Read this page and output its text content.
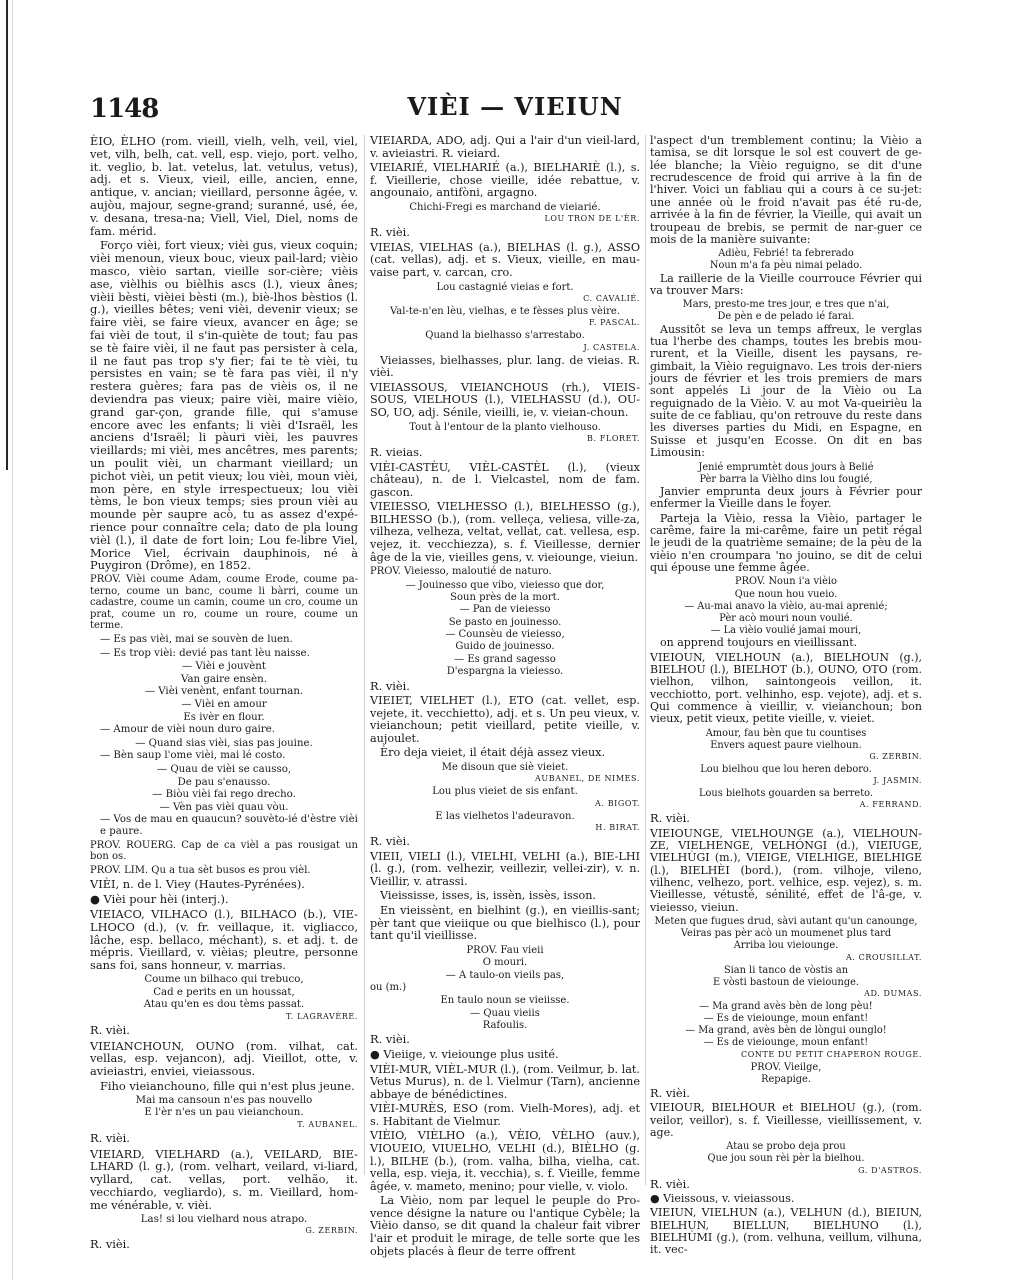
1148	VIÈI — VIEIUN

ÈIO, ÈLHO (rom. vieill, vielh, velh, veil, viel, vet, vilh, belh, cat. vell, esp. viejo, port. velho, it. veglio, b. lat. vetelus, lat. vetulus, vetus), adj. et s. Vieux, vieil, eille, ancien, enne, antique, v. ancian; vieillard, personne âgée, v. aujòu, majour, segne-grand; suranné, usé, ée, v. desana, tresa-na; Viell, Viel, Diel, noms de fam. mérid.

Forço vièi, fort vieux; vièi gus, vieux coquin; vièi menoun, vieux bouc, vieux pail-lard; vièio masco, vièio sartan, vieille sor-cière; vièis ase, vièlhis ou bièlhis ascs (l.), vieux ânes; vièii bèsti, vièiei bèsti (m.), biè-lhos bèstios (l. g.), vieilles bêtes; veni vièi, devenir vieux; se faire vièi, se faire vieux, avancer en âge; se fai vièi de tout, il s'in-quiète de tout; fau pas se tè faire vièi, il ne faut pas persister à cela, il ne faut pas trop s'y fier; fai te tè vièi, tu persistes en vain; se tè fara pas vièi, il n'y restera guères; fara pas de vièis os, il ne deviendra pas vieux; paire vièi, maire vièio, grand gar-çon, grande fille, qui s'amuse encore avec les enfants; li vièi d'Israël, les anciens d'Israël; li pàuri vièi, les pauvres vieillards; mi vièi, mes ancêtres, mes parents; un poulit vièi, un charmant vieillard; un pichot vièi, un petit vieux; lou vièi, moun vièi, mon père, en style irrespectueux; lou vièi tèms, le bon vieux temps; sies proun vièi au mounde pèr saupre acò, tu as assez d'expé-rience pour connaître cela; dato de pla loung vièl (l.), il date de fort loin; Lou fe-libre Viel, Morice Viel, écrivain dauphinois, né à Puygiron (Drôme), en 1852.

PROV. Vièi coume Adam, coume Erode, coume pa-terno, coume un banc, coume li bàrri, coume un cadastre, coume un camin, coume un cro, coume un prat, coume un ro, coume un roure, coume un terme.

— Es pas vièi, mai se souvèn de luen.

— Es trop vièi: devié pas tant lèu naisse.

— Vièi e jouvènt

Van gaire ensèn.

— Vièi venènt, enfant tournan.

— Vièi en amour

Es ivèr en flour.

— Amour de vièi noun duro gaire.

— Quand sias vièi, sias pas jouine.

— Bèn saup l'ome vièi, mai lé costo.

— Quau de vièi se causso,

De pau s'enausso.

— Biòu vièi fai rego drecho.

— Vèn pas vièi quau vòu.

— Vos de mau en quaucun? souvèto-ié d'èstre vièi e paure.

PROV. ROUERG. Cap de ca vièl a pas rousigat un bon os.

PROV. LIM. Qu a tua sèt busos es prou vièl.

VIÈI, n. de l. Viey (Hautes-Pyrénées).

● Vièi pour hèi (interj.).

VIEIACO, VILHACO (l.), BILHACO (b.), VIE-LHOCO (d.), (v. fr. veillaque, it. vigliacco, lâche, esp. bellaco, méchant), s. et adj. t. de mépris. Vieillard, v. vièias; pleutre, personne sans foi, sans honneur, v. marrias.

Coume un bilhaco qui trebuco,

Cad e perits en un houssat,

Atau qu'en es dou tèms passat.

T. LAGRAVÈRE.

R. vièi.

VIEIANCHOUN, OUNO (rom. vilhat, cat. vellas, esp. vejancon), adj. Vieillot, otte, v. avieiastri, enviei, vieiassous.

Fiho vieianchouno, fille qui n'est plus jeune.

Mai ma cansoun n'es pas nouvello

E l'èr n'es un pau vieianchoun.

T. AUBANEL.

R. vièi.

VIEIARD, VIELHARD (a.), VEILARD, BIE-LHARD (l. g.), (rom. velhart, veilard, vi-liard, vyllard, cat. vellas, port. velhão, it. vecchiardo, vegliardo), s. m. Vieillard, hom-me vénérable, v. vièi.

Las! si lou vielhard nous atrapo.

G. ZERBIN.

R. vièi.

VIEIARDA, ADO, adj. Qui a l'air d'un vieil-lard, v. avieiastri. R. vieiard.

VIEIARIÉ, VIELHARIÉ (a.), BIELHARIÈ (l.), s. f. Vieillerie, chose vieille, idée rebattue, v. angounaio, antifòni, argagno.

Chichi-Fregi es marchand de vieiarié.

LOU TRON DE L'ÈR.

R. vièi.

VIEIAS, VIELHAS (a.), BIELHAS (l. g.), ASSO (cat. vellas), adj. et s. Vieux, vieille, en mau-vaise part, v. carcan, cro.

Lou castagnié vieias e fort.

C. CAVALIÉ.

Val-te-n'en lèu, vielhas, e te fèsses plus vèire.

F. PASCAL.

Quand la bielhasso s'arrestabo.

J. CASTELA.

Vieiasses, bielhasses, plur. lang. de vieias. R. vièi.

VIEIASSOUS, VIEIANCHOUS (rh.), VIEIS-SOUS, VIELHOUS (l.), VIELHASSU (d.), OU-SO, UO, adj. Sénile, vieilli, ie, v. vieian-choun.

Tout à l'entour de la planto vielhouso.

B. FLORET.

R. vieias.

VIÈI-CASTÈU, VIÈL-CASTÈL (l.), (vieux château), n. de l. Vielcastel, nom de fam. gascon.

VIEIESSO, VIELHESSO (l.), BIELHESSO (g.), BILHESSO (b.), (rom. velleça, veliesa, ville-za, vilheza, velheza, veltat, vellat, cat. vellesa, esp. vejez, it. vecchiezza), s. f. Vieillesse, dernier âge de la vie, vieilles gens, v. vieiounge, vieiun.

PROV. Vieiesso, maloutié de naturo.

— Jouinesso que vibo, vieiesso que dor,

Soun près de la mort.

— Pan de vieiesso

Se pasto en jouinesso.

— Counsèu de vieiesso,

Guido de jouinesso.

— Es grand sagesso

D'espargna la vieiesso.

R. vièi.

VIEIET, VIELHET (l.), ETO (cat. vellet, esp. vejete, it. vecchietto), adj. et s. Un peu vieux, v. vieianchoun; petit vieillard, petite vieille, v. aujoulet.

Èro deja vieiet, il était déjà assez vieux.

Me disoun que siè vieiet.

AUBANEL, DE NIMES.

Lou plus vieiet de sis enfant.

A. BIGOT.

E las vielhetos l'adeuravon.

H. BIRAT.

R. vièi.

VIEII, VIELI (l.), VIELHI, VELHI (a.), BIE-LHI (l. g.), (rom. velhezir, veillezir, vellei-zir), v. n. Vieillir, v. atrassi.

Vieississe, isses, is, issèn, issès, isson.

En vieissènt, en bielhint (g.), en vieillis-sant; pèr tant que vieiique ou que bielhisco (l.), pour tant qu'il vieillisse.

PROV. Fau vieii

O mouri.

— A taulo-on vieils pas,

ou (m.)

En taulo noun se vieiisse.

— Quau vieiis

Rafoulis.

R. vièi.

● Vieiige, v. vieiounge plus usité.

VIÈI-MUR, VIÈL-MUR (l.), (rom. Veilmur, b. lat. Vetus Murus), n. de l. Vielmur (Tarn), ancienne abbaye de bénédictines.

VIÈI-MURÈS, ESO (rom. Vielh-Mores), adj. et s. Habitant de Vielmur.

VIÈIO, VIÈLHO (a.), VÈIO, VÈLHO (auv.), VIOUEIO, VIUELHO, VELHI (d.), BIÈLHO (g. l.), BILHE (b.), (rom. valha, bilha, vielha, cat. vella, esp. vieja, it. vecchia), s. f. Vieille, femme âgée, v. mameto, menino; pour vielle, v. violo.

La Vièio, nom par lequel le peuple do Pro-vence désigne la nature ou l'antique Cybèle; la Vièio danso, se dit quand la chaleur fait vibrer l'air et produit le mirage, de telle sorte que les objets placés à fleur de terre offrent

l'aspect d'un tremblement continu; la Vièio a tamisa, se dit lorsque le sol est couvert de ge-lée blanche; la Vièio reguigno, se dit d'une recrudescence de froid qui arrive à la fin de l'hiver. Voici un fabliau qui a cours à ce su-jet: une année où le froid n'avait pas été ru-de, arrivée à la fin de février, la Vieille, qui avait un troupeau de brebis, se permit de nar-guer ce mois de la manière suivante:

Adièu, Febrié! ta febrerado

Noun m'a fa pèu nimai pelado.

La raillerie de la Vieille courrouce Février qui va trouver Mars:

Mars, presto-me tres jour, e tres que n'ai,

De pèn e de pelado ié farai.

Aussitôt se leva un temps affreux, le verglas tua l'herbe des champs, toutes les brebis mou-rurent, et la Vieille, disent les paysans, re-gimbait, la Vièio reguignavo. Les trois der-niers jours de février et les trois premiers de mars sont appelés Li jour de la Vièio ou La reguignado de la Vièio. V. au mot Va-queirièu la suite de ce fabliau, qu'on retrouve du reste dans les diverses parties du Midi, en Espagne, en Suisse et jusqu'en Ecosse. On dit en bas Limousin:

Jenié emprumtèt dous jours à Belié

Pèr barra la Vièlho dins lou fougié,

Janvier emprunta deux jours à Février pour enfermer la Vieille dans le foyer.

Parteja la Vièio, ressa la Vièio, partager le carême, faire la mi-carême, faire un petit régal le jeudi de la quatrième semaine; de la pèu de la vièio n'en croumpara 'no jouino, se dit de celui qui épouse une femme âgée.

PROV. Noun i'a vièio

Que noun hou vueio.

— Au-mai anavo la vièio, au-mai aprenié;

Pèr acò mouri noun voulié.

— La vièio voulié jamai mouri,

on apprend toujours en vieillissant.

VIEIOUN, VIELHOUN (a.), BIELHOUN (g.), BIELHOU (l.), BIELHOT (b.), OUNO, OTO (rom. vielhon, vilhon, saintongeois veillon, it. vecchiotto, port. velhinho, esp. vejote), adj. et s. Qui commence à vieillir, v. vieianchoun; bon vieux, petit vieux, petite vieille, v. vieiet.

Amour, fau bèn que tu countises

Envers aquest paure vielhoun.

G. ZERBIN.

Lou bielhou que lou heren deboro.

J. JASMIN.

Lous bielhots gouarden sa berreto.

A. FERRAND.

R. vièi.

VIEIOUNGE, VIELHOUNGE (a.), VIELHOUN-ZE, VIELHENGE, VELHÓNGI (d.), VIEIUGE, VIELHÙGI (m.), VIEIGE, VIELHIGE, BIELHIGE (l.), BIELHÈI (bord.), (rom. vilhoje, vileno, vilhenc, velhezo, port. velhice, esp. vejez), s. m. Vieillesse, vétusté, sénilité, effet de l'â-ge, v. vieiesso, vieiun.

Meten que fugues drud, sàvi autant qu'un canounge,

Veiras pas pèr acò un moumenet plus tard

Arriba lou vieiounge.

A. CROUSILLAT.

Sian li tanco de vòstis an

E vòsti bastoun de vieiounge.

AD. DUMAS.

— Ma grand avès bèn de long pèu!

— Es de vieiounge, moun enfant!

— Ma grand, avès bèn de lòngui ounglo!

— Es de vieiounge, moun enfant!

CONTE DU PETIT CHAPERON ROUGE.

PROV. Vieilge,

Repapige.

R. vièi.

VIEIOUR, BIELHOUR et BIELHOU (g.), (rom. veilor, veillor), s. f. Vieillesse, vieillissement, v. age.

Atau se probo deja prou

Que jou soun rèi pèr la bielhou.

G. D'ASTROS.

R. vièi.

● Vieissous, v. vieiassous.

VIEIUN, VIELHUN (a.), VELHUN (d.), BIEIUN, BIELHUN, BIELLUN, BIELHUNO (l.), BIELHÙMI (g.), (rom. velhuna, veillum, vilhuna, it. vec-
